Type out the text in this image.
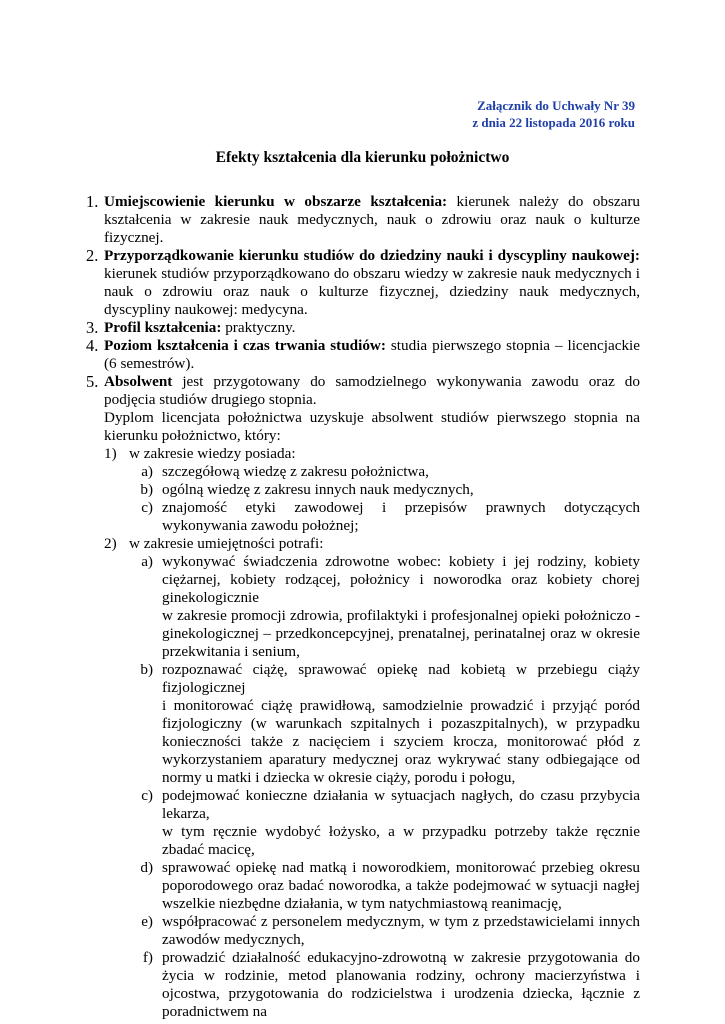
Załącznik do Uchwały Nr 39
z dnia 22 listopada 2016 roku
Efekty kształcenia dla kierunku położnictwo
1. Umiejscowienie kierunku w obszarze kształcenia: kierunek należy do obszaru kształcenia w zakresie nauk medycznych, nauk o zdrowiu oraz nauk o kulturze fizycznej.
2. Przyporządkowanie kierunku studiów do dziedziny nauki i dyscypliny naukowej: kierunek studiów przyporządkowano do obszaru wiedzy w zakresie nauk medycznych i nauk o zdrowiu oraz nauk o kulturze fizycznej, dziedziny nauk medycznych, dyscypliny naukowej: medycyna.
3. Profil kształcenia: praktyczny.
4. Poziom kształcenia i czas trwania studiów: studia pierwszego stopnia – licencjackie (6 semestrów).
5. Absolwent jest przygotowany do samodzielnego wykonywania zawodu oraz do podjęcia studiów drugiego stopnia.
Dyplom licencjata położnictwa uzyskuje absolwent studiów pierwszego stopnia na kierunku położnictwo, który:
1) w zakresie wiedzy posiada:
a) szczegółową wiedzę z zakresu położnictwa,
b) ogólną wiedzę z zakresu innych nauk medycznych,
c) znajomość etyki zawodowej i przepisów prawnych dotyczących wykonywania zawodu położnej;
2) w zakresie umiejętności potrafi:
a) wykonywać świadczenia zdrowotne wobec: kobiety i jej rodziny, kobiety ciężarnej, kobiety rodzącej, położnicy i noworodka oraz kobiety chorej ginekologicznie
w zakresie promocji zdrowia, profilaktyki i profesjonalnej opieki położniczo - ginekologicznej – przedkoncepcyjnej, prenatalnej, perinatalnej oraz w okresie przekwitania i senium,
b) rozpoznawać ciążę, sprawować opiekę nad kobietą w przebiegu ciąży fizjologicznej
i monitorować ciążę prawidłową, samodzielnie prowadzić i przyjąć poród fizjologiczny (w warunkach szpitalnych i pozaszpitalnych), w przypadku konieczności także z nacięciem i szyciem krocza, monitorować płód z wykorzystaniem aparatury medycznej oraz wykrywać stany odbiegające od normy u matki i dziecka w okresie ciąży, porodu i połogu,
c) podejmować konieczne działania w sytuacjach nagłych, do czasu przybycia lekarza,
w tym ręcznie wydobyć łożysko, a w przypadku potrzeby także ręcznie zbadać macicę,
d) sprawować opiekę nad matką i noworodkiem, monitorować przebieg okresu poporodowego oraz badać noworodka, a także podejmować w sytuacji nagłej wszelkie niezbędne działania, w tym natychmiastową reanimację,
e) współpracować z personelem medycznym, w tym z przedstawicielami innych zawodów medycznych,
f) prowadzić działalność edukacyjno-zdrowotną w zakresie przygotowania do życia w rodzinie, metod planowania rodziny, ochrony macierzyństwa i ojcostwa, przygotowania do rodzicielstwa i urodzenia dziecka, łącznie z poradnictwem na
